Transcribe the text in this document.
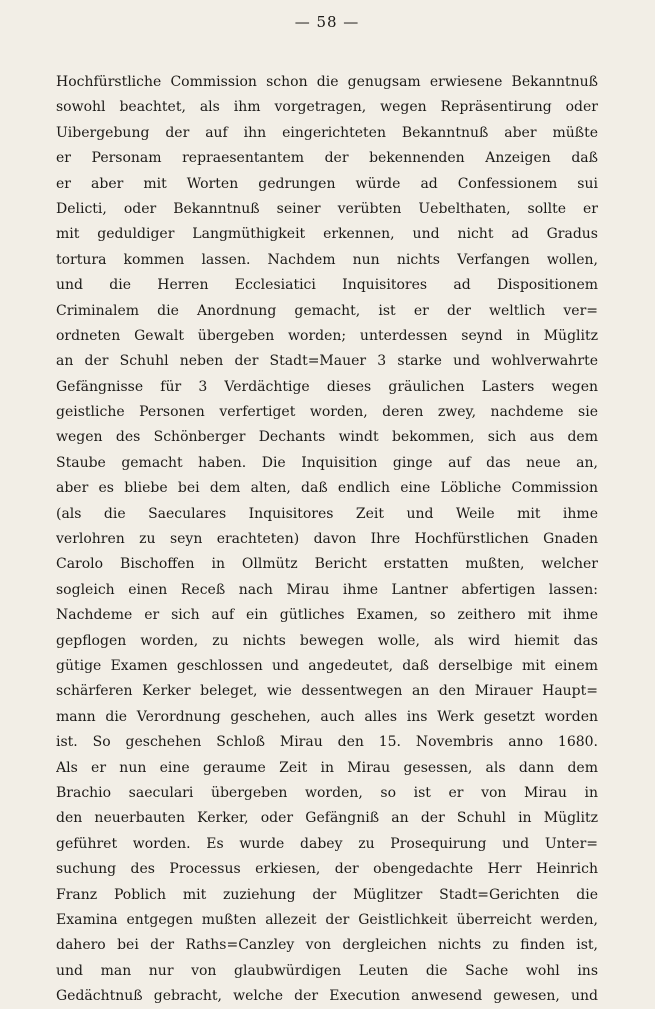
— 58 —
Hochfürstliche Commission schon die genugsam erwiesene Bekanntnuß
sowohl beachtet, als ihm vorgetragen, wegen Repräsentirung oder
Uibergebung der auf ihn eingerichteten Bekanntnuß aber müßte
er Personam repraesentantem der bekennenden Anzeigen daß
er aber mit Worten gedrungen würde ad Confessionem sui
Delicti, oder Bekanntnuß seiner verübten Uebelthaten, sollte er
mit geduldiger Langmüthigkeit erkennen, und nicht ad Gradus
tortura kommen lassen. Nachdem nun nichts Verfangen wollen,
und die Herren Ecclesiatici Inquisitores ad Dispositionem
Criminalem die Anordnung gemacht, ist er der weltlich ver=
ordneten Gewalt übergeben worden; unterdessen seynd in Müglitz
an der Schuhl neben der Stadt=Mauer 3 starke und wohlverwahrte
Gefängnisse für 3 Verdächtige dieses gräulichen Lasters wegen
geistliche Personen verfertiget worden, deren zwey, nachdeme sie
wegen des Schönberger Dechants windt bekommen, sich aus dem
Staube gemacht haben. Die Inquisition ginge auf das neue an,
aber es bliebe bei dem alten, daß endlich eine Löbliche Commission
(als die Saeculares Inquisitores Zeit und Weile mit ihme
verlohren zu seyn erachteten) davon Ihre Hochfürstlichen Gnaden
Carolo Bischoffen in Ollmütz Bericht erstatten mußten, welcher
sogleich einen Receß nach Mirau ihme Lantner abfertigen lassen:
Nachdeme er sich auf ein gütliches Examen, so zeithero mit ihme
gepflogen worden, zu nichts bewegen wolle, als wird hiemit das
gütige Examen geschlossen und angedeutet, daß derselbige mit einem
schärferen Kerker beleget, wie dessentwegen an den Mirauer Haupt=
mann die Verordnung geschehen, auch alles ins Werk gesetzt worden
ist. So geschehen Schloß Mirau den 15. Novembris anno 1680.
Als er nun eine geraume Zeit in Mirau gesessen, als dann dem
Brachio saeculari übergeben worden, so ist er von Mirau in
den neuerbauten Kerker, oder Gefängniß an der Schuhl in Müglitz
geführet worden. Es wurde dabey zu Prosequirung und Unter=
suchung des Processus erkiesen, der obengedachte Herr Heinrich
Franz Poblich mit zuziehung der Müglitzer Stadt=Gerichten die
Examina entgegen mußten allezeit der Geistlichkeit überreicht werden,
dahero bei der Raths=Canzley von dergleichen nichts zu finden ist,
und man nur von glaubwürdigen Leuten die Sache wohl ins
Gedächtnuß gebracht, welche der Execution anwesend gewesen, und
